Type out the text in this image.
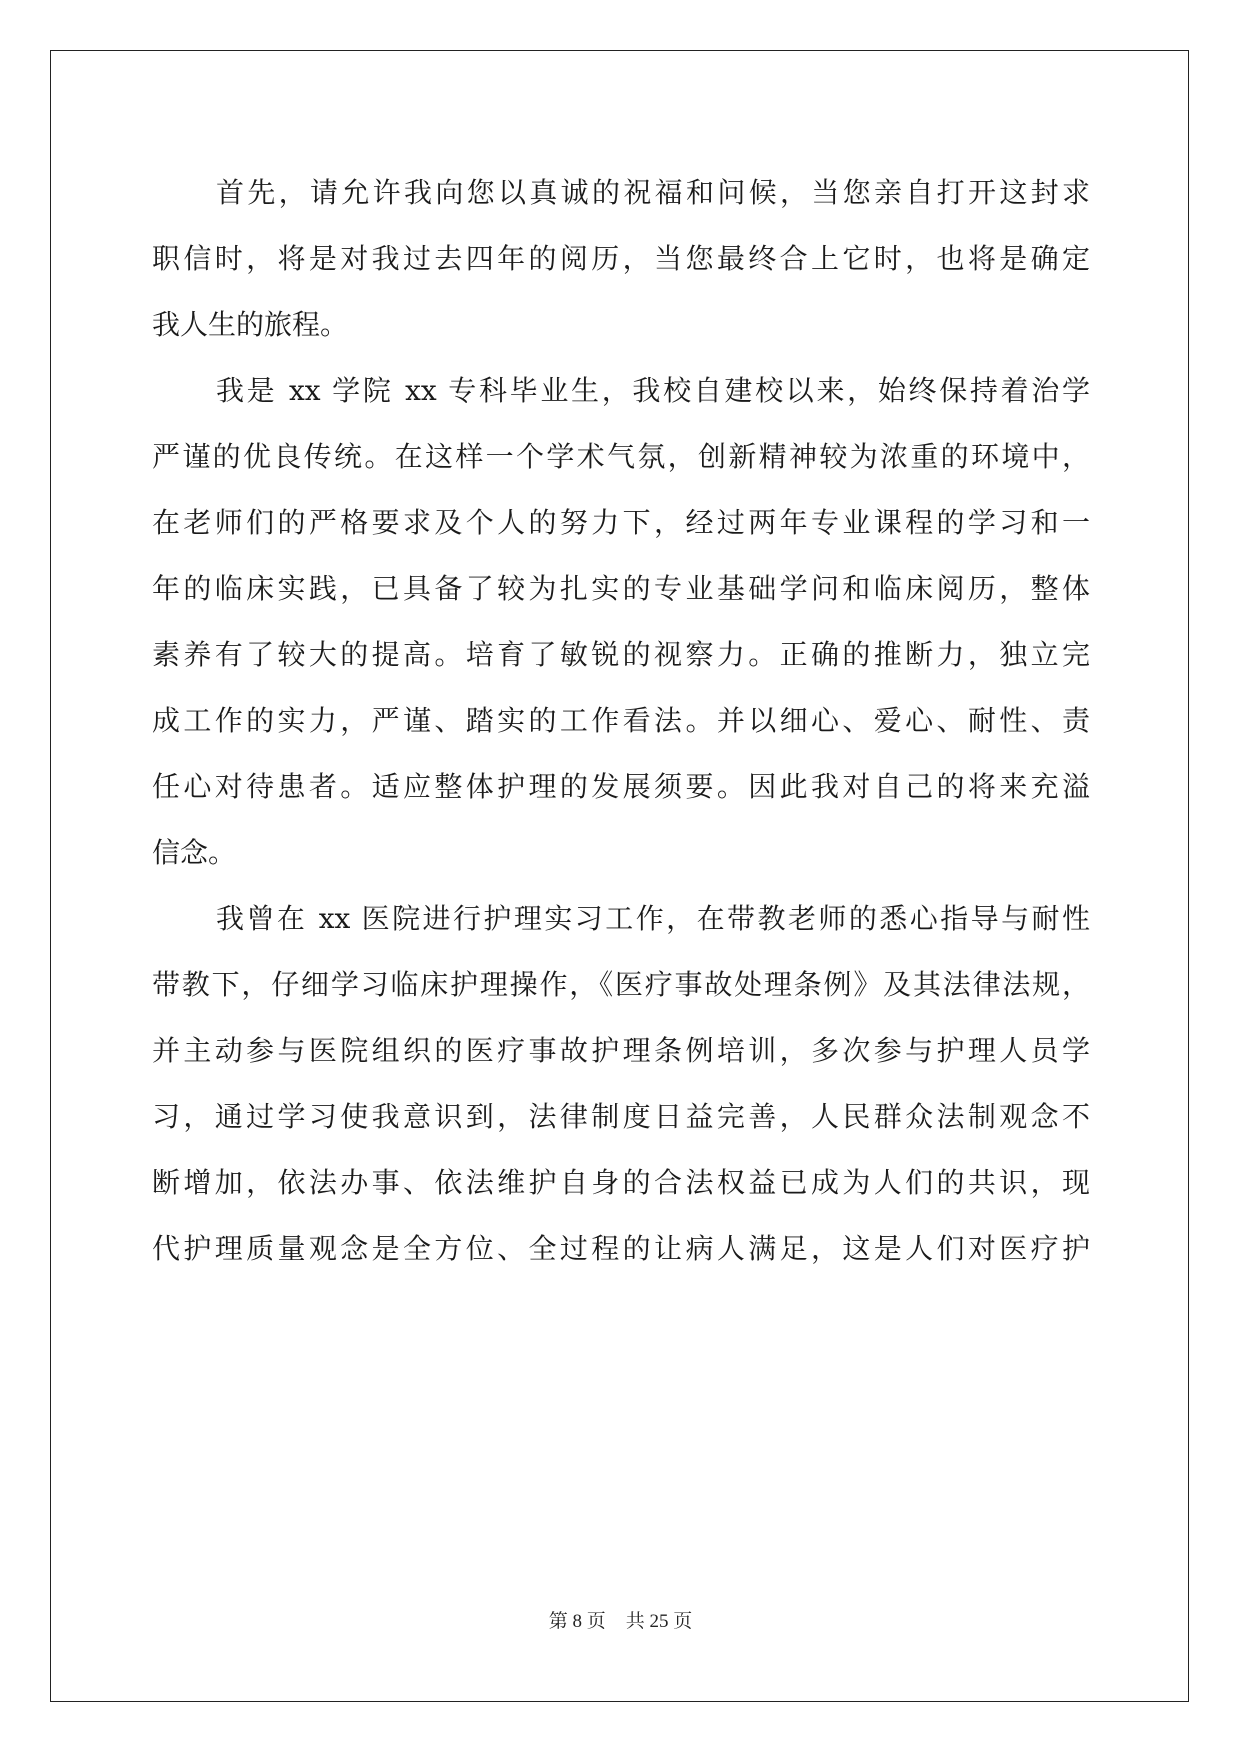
首先，请允许我向您以真诚的祝福和问候，当您亲自打开这封求
职信时，将是对我过去四年的阅历，当您最终合上它时，也将是确定
我人生的旅程。
我是 xx 学院 xx 专科毕业生，我校自建校以来，始终保持着治学
严谨的优良传统。在这样一个学术气氛，创新精神较为浓重的环境中，
在老师们的严格要求及个人的努力下，经过两年专业课程的学习和一
年的临床实践，已具备了较为扎实的专业基础学问和临床阅历，整体
素养有了较大的提高。培育了敏锐的视察力。正确的推断力，独立完
成工作的实力，严谨、踏实的工作看法。并以细心、爱心、耐性、责
任心对待患者。适应整体护理的发展须要。因此我对自己的将来充溢
信念。
我曾在 xx 医院进行护理实习工作，在带教老师的悉心指导与耐性
带教下，仔细学习临床护理操作，《医疗事故处理条例》及其法律法规，
并主动参与医院组织的医疗事故护理条例培训，多次参与护理人员学
习，通过学习使我意识到，法律制度日益完善，人民群众法制观念不
断增加，依法办事、依法维护自身的合法权益已成为人们的共识，现
代护理质量观念是全方位、全过程的让病人满足，这是人们对医疗护
第 8 页 共 25 页
